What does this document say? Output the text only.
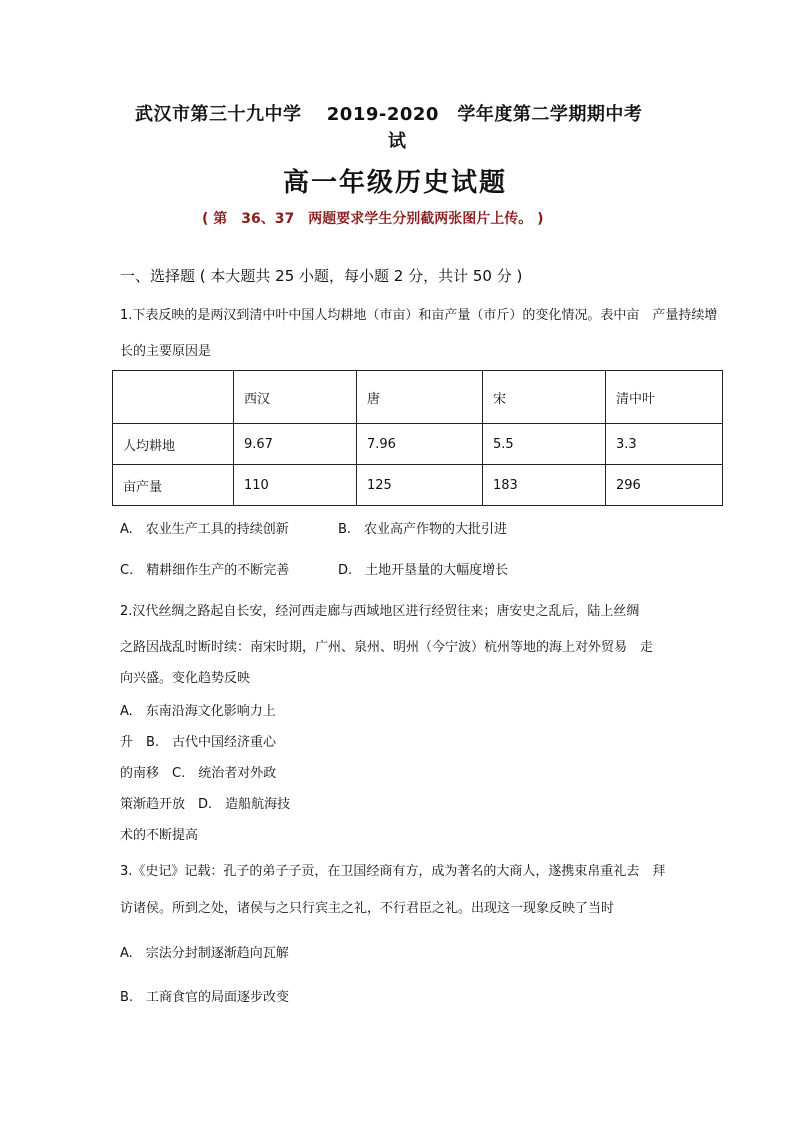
武汉市第三十九中学　 2019-2020　学年度第二学期期中考
试
高一年级历史试题
( 第　36、37　两题要求学生分别截两张图片上传。 )
一、选择题 ( 本大题共 25 小题，每小题 2 分，共计 50 分 )
1.下表反映的是两汉到清中叶中国人均耕地（市亩）和亩产量（市斤）的变化情况。表中亩　产量持续增
长的主要原因是
	西汉	唐	宋	清中叶
人均耕地	9.67	7.96	5.5	3.3
亩产量	110	125	183	296
A.　农业生产工具的持续创新	B.　农业高产作物的大批引进
C.　精耕细作生产的不断完善	D.　土地开垦量的大幅度增长
2.汉代丝绸之路起自长安，经河西走廊与西域地区进行经贸往来；唐安史之乱后，陆上丝绸
之路因战乱时断时续：南宋时期，广州、泉州、明州（今宁波）杭州等地的海上对外贸易　走
向兴盛。变化趋势反映
A.　东南沿海文化影响力上
升　B.　古代中国经济重心
的南移　C.　统治者对外政
策渐趋开放　D.　造船航海技
术的不断提高
3.《史记》记载：孔子的弟子子贡，在卫国经商有方，成为著名的大商人，遂携束帛重礼去　拜
访诸侯。所到之处，诸侯与之只行宾主之礼，不行君臣之礼。出现这一现象反映了当时
A.　宗法分封制逐渐趋向瓦解
B.　工商食官的局面逐步改变
